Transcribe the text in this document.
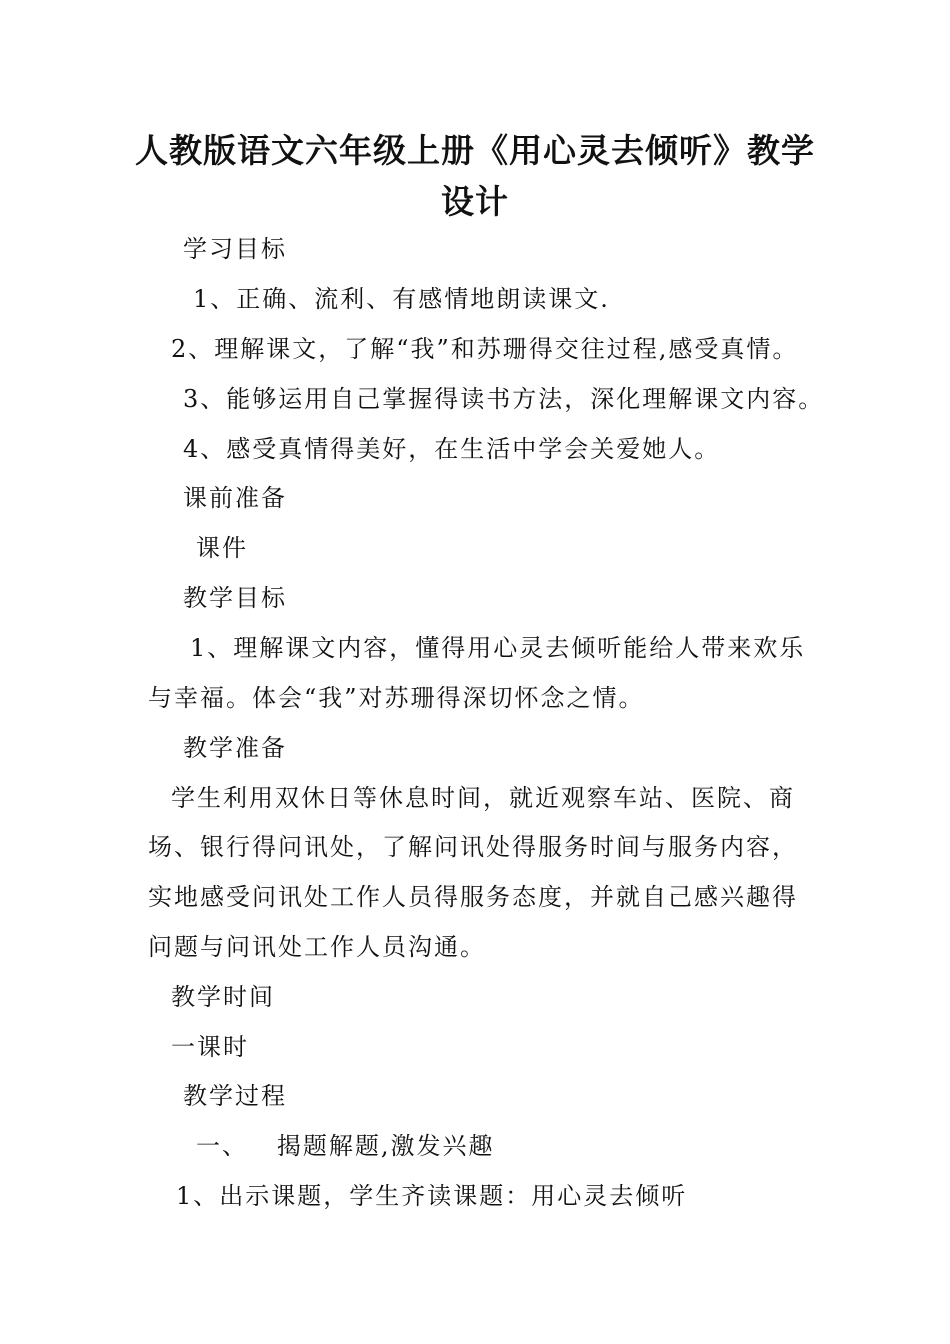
人教版语文六年级上册《用心灵去倾听》教学
设计
学习目标
1、正确、流利、有感情地朗读课文.
2、理解课文，了解“我”和苏珊得交往过程,感受真情。
3、能够运用自己掌握得读书方法，深化理解课文内容。
4、感受真情得美好，在生活中学会关爱她人。
课前准备
课件
教学目标
1、理解课文内容，懂得用心灵去倾听能给人带来欢乐
与幸福。体会“我”对苏珊得深切怀念之情。
教学准备
学生利用双休日等休息时间，就近观察车站、医院、商
场、银行得问讯处，了解问讯处得服务时间与服务内容，
实地感受问讯处工作人员得服务态度，并就自己感兴趣得
问题与问讯处工作人员沟通。
教学时间
一课时
教学过程
一、   揭题解题,激发兴趣
1、出示课题，学生齐读课题：用心灵去倾听
